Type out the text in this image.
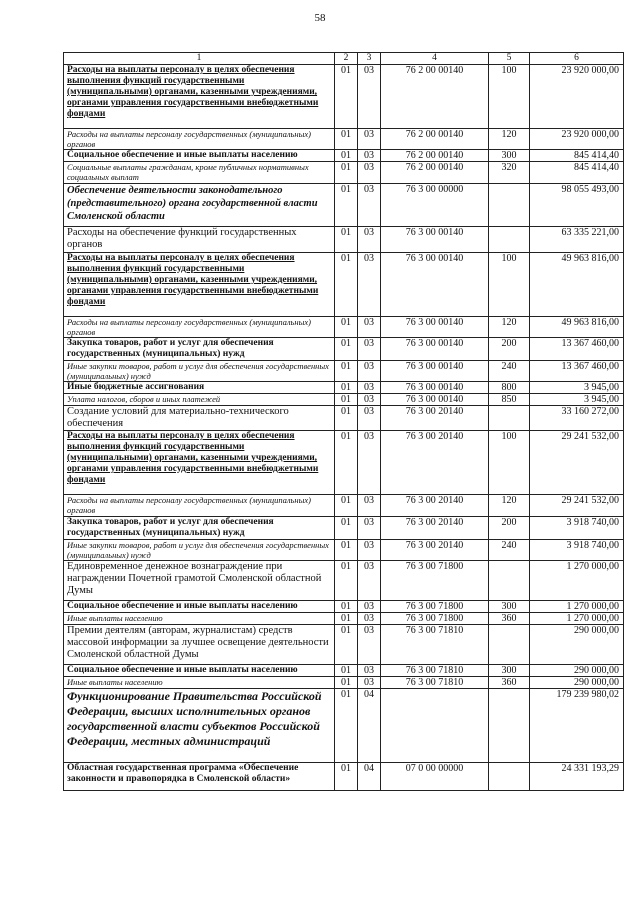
58
1	2	3	4	5	6

Расходы на выплаты персоналу в целях обеспечения выполнения функций государственными (муниципальными) органами, казенными учреждениями, органами управления государственными внебюджетными фондами	01	03	76 2 00 00140	100	23 920 000,00

Расходы на выплаты персоналу государственных (муниципальных) органов	01	03	76 2 00 00140	120	23 920 000,00

Социальное обеспечение и иные выплаты населению	01	03	76 2 00 00140	300	845 414,40

Социальные выплаты гражданам, кроме публичных нормативных социальных выплат	01	03	76 2 00 00140	320	845 414,40

Обеспечение деятельности законодательного (представительного) органа государственной власти Смоленской области	01	03	76 3 00 00000		98 055 493,00

Расходы на обеспечение функций государственных органов	01	03	76 3 00 00140		63 335 221,00

Расходы на выплаты персоналу в целях обеспечения выполнения функций государственными (муниципальными) органами, казенными учреждениями, органами управления государственными внебюджетными фондами	01	03	76 3 00 00140	100	49 963 816,00

Расходы на выплаты персоналу государственных (муниципальных) органов	01	03	76 3 00 00140	120	49 963 816,00

Закупка товаров, работ и услуг для обеспечения государственных (муниципальных) нужд	01	03	76 3 00 00140	200	13 367 460,00

Иные закупки товаров, работ и услуг для обеспечения государственных (муниципальных) нужд	01	03	76 3 00 00140	240	13 367 460,00

Иные бюджетные ассигнования	01	03	76 3 00 00140	800	3 945,00

Уплата налогов, сборов и иных платежей	01	03	76 3 00 00140	850	3 945,00

Создание условий для материально-технического обеспечения	01	03	76 3 00 20140		33 160 272,00

Расходы на выплаты персоналу в целях обеспечения выполнения функций государственными (муниципальными) органами, казенными учреждениями, органами управления государственными внебюджетными фондами	01	03	76 3 00 20140	100	29 241 532,00

Расходы на выплаты персоналу государственных (муниципальных) органов	01	03	76 3 00 20140	120	29 241 532,00

Закупка товаров, работ и услуг для обеспечения государственных (муниципальных) нужд	01	03	76 3 00 20140	200	3 918 740,00

Иные закупки товаров, работ и услуг для обеспечения государственных (муниципальных) нужд	01	03	76 3 00 20140	240	3 918 740,00

Единовременное денежное вознаграждение при награждении Почетной грамотой Смоленской областной Думы	01	03	76 3 00 71800		1 270 000,00

Социальное обеспечение и иные выплаты населению	01	03	76 3 00 71800	300	1 270 000,00

Иные выплаты населению	01	03	76 3 00 71800	360	1 270 000,00

Премии деятелям (авторам, журналистам) средств массовой информации за лучшее освещение деятельности Смоленской областной Думы	01	03	76 3 00 71810		290 000,00

Социальное обеспечение и иные выплаты населению	01	03	76 3 00 71810	300	290 000,00

Иные выплаты населению	01	03	76 3 00 71810	360	290 000,00

Функционирование Правительства Российской Федерации, высших исполнительных органов государственной власти субъектов Российской Федерации, местных администраций	01	04			179 239 980,02

Областная государственная программа «Обеспечение законности и правопорядка в Смоленской области»	01	04	07 0 00 00000		24 331 193,29
